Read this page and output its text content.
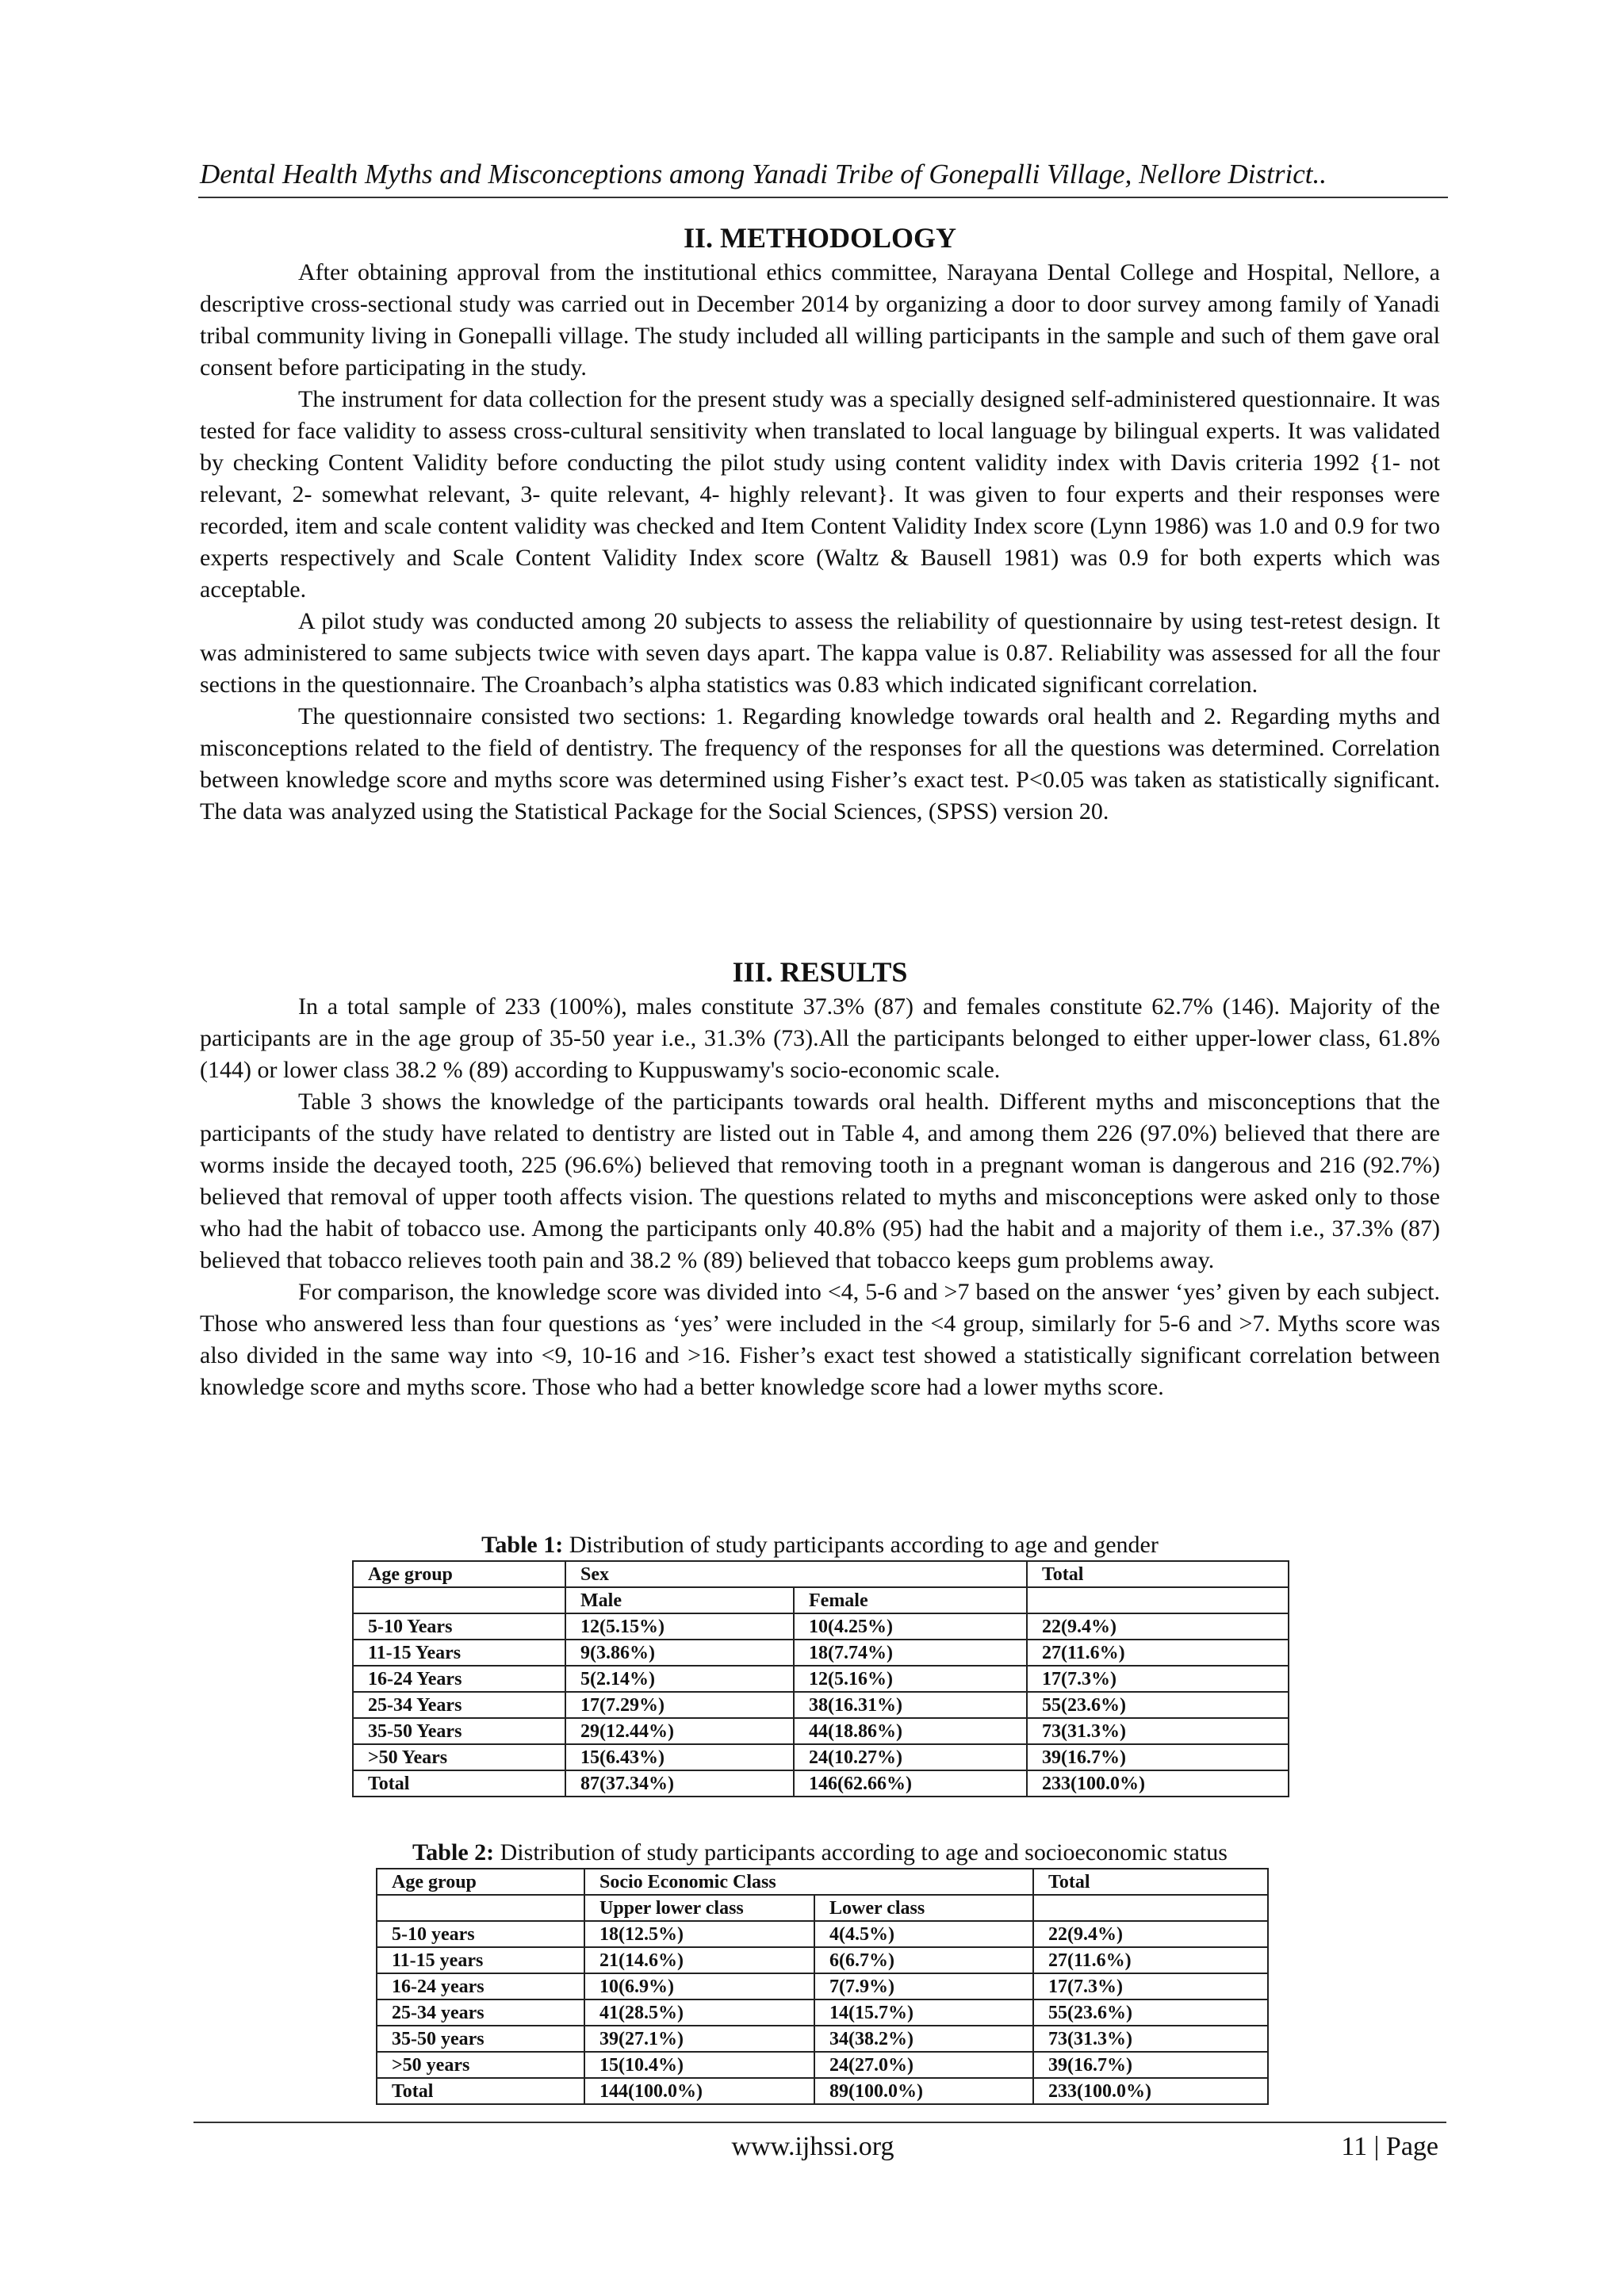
Dental Health Myths and Misconceptions among Yanadi Tribe of Gonepalli Village, Nellore District..
II. METHODOLOGY

After obtaining approval from the institutional ethics committee, Narayana Dental College and Hospital, Nellore, a descriptive cross-sectional study was carried out in December 2014 by organizing a door to door survey among family of Yanadi tribal community living in Gonepalli village. The study included all willing participants in the sample and such of them gave oral consent before participating in the study.

The instrument for data collection for the present study was a specially designed self-administered questionnaire. It was tested for face validity to assess cross-cultural sensitivity when translated to local language by bilingual experts. It was validated by checking Content Validity before conducting the pilot study using content validity index with Davis criteria 1992 {1- not relevant, 2- somewhat relevant, 3- quite relevant, 4- highly relevant}. It was given to four experts and their responses were recorded, item and scale content validity was checked and Item Content Validity Index score (Lynn 1986) was 1.0 and 0.9 for two experts respectively and Scale Content Validity Index score (Waltz & Bausell 1981) was 0.9 for both experts which was acceptable.

A pilot study was conducted among 20 subjects to assess the reliability of questionnaire by using test-retest design. It was administered to same subjects twice with seven days apart. The kappa value is 0.87. Reliability was assessed for all the four sections in the questionnaire. The Croanbach’s alpha statistics was 0.83 which indicated significant correlation.

The questionnaire consisted two sections: 1. Regarding knowledge towards oral health and 2. Regarding myths and misconceptions related to the field of dentistry. The frequency of the responses for all the questions was determined. Correlation between knowledge score and myths score was determined using Fisher’s exact test. P<0.05 was taken as statistically significant. The data was analyzed using the Statistical Package for the Social Sciences, (SPSS) version 20.

III. RESULTS

In a total sample of 233 (100%), males constitute 37.3% (87) and females constitute 62.7% (146). Majority of the participants are in the age group of 35-50 year i.e., 31.3% (73).All the participants belonged to either upper-lower class, 61.8% (144) or lower class 38.2 % (89) according to Kuppuswamy's socio-economic scale.

Table 3 shows the knowledge of the participants towards oral health. Different myths and misconceptions that the participants of the study have related to dentistry are listed out in Table 4, and among them 226 (97.0%) believed that there are worms inside the decayed tooth, 225 (96.6%) believed that removing tooth in a pregnant woman is dangerous and 216 (92.7%) believed that removal of upper tooth affects vision. The questions related to myths and misconceptions were asked only to those who had the habit of tobacco use. Among the participants only 40.8% (95) had the habit and a majority of them i.e., 37.3% (87) believed that tobacco relieves tooth pain and 38.2 % (89) believed that tobacco keeps gum problems away.

For comparison, the knowledge score was divided into <4, 5-6 and >7 based on the answer ‘yes’ given by each subject. Those who answered less than four questions as ‘yes’ were included in the <4 group, similarly for 5-6 and >7. Myths score was also divided in the same way into <9, 10-16 and >16. Fisher’s exact test showed a statistically significant correlation between knowledge score and myths score. Those who had a better knowledge score had a lower myths score.

Table 1: Distribution of study participants according to age and gender
Age group	Sex		Total
	Male	Female	
5-10 Years	12(5.15%)	10(4.25%)	22(9.4%)
11-15 Years	9(3.86%)	18(7.74%)	27(11.6%)
16-24 Years	5(2.14%)	12(5.16%)	17(7.3%)
25-34 Years	17(7.29%)	38(16.31%)	55(23.6%)
35-50 Years	29(12.44%)	44(18.86%)	73(31.3%)
>50 Years	15(6.43%)	24(10.27%)	39(16.7%)
Total	87(37.34%)	146(62.66%)	233(100.0%)
Table 2: Distribution of study participants according to age and socioeconomic status
Age group	Socio Economic Class		Total
	Upper lower class	Lower class	
5-10 years	18(12.5%)	4(4.5%)	22(9.4%)
11-15 years	21(14.6%)	6(6.7%)	27(11.6%)
16-24 years	10(6.9%)	7(7.9%)	17(7.3%)
25-34 years	41(28.5%)	14(15.7%)	55(23.6%)
35-50 years	39(27.1%)	34(38.2%)	73(31.3%)
>50 years	15(10.4%)	24(27.0%)	39(16.7%)
Total	144(100.0%)	89(100.0%)	233(100.0%)
www.ijhssi.org	11 | Page
